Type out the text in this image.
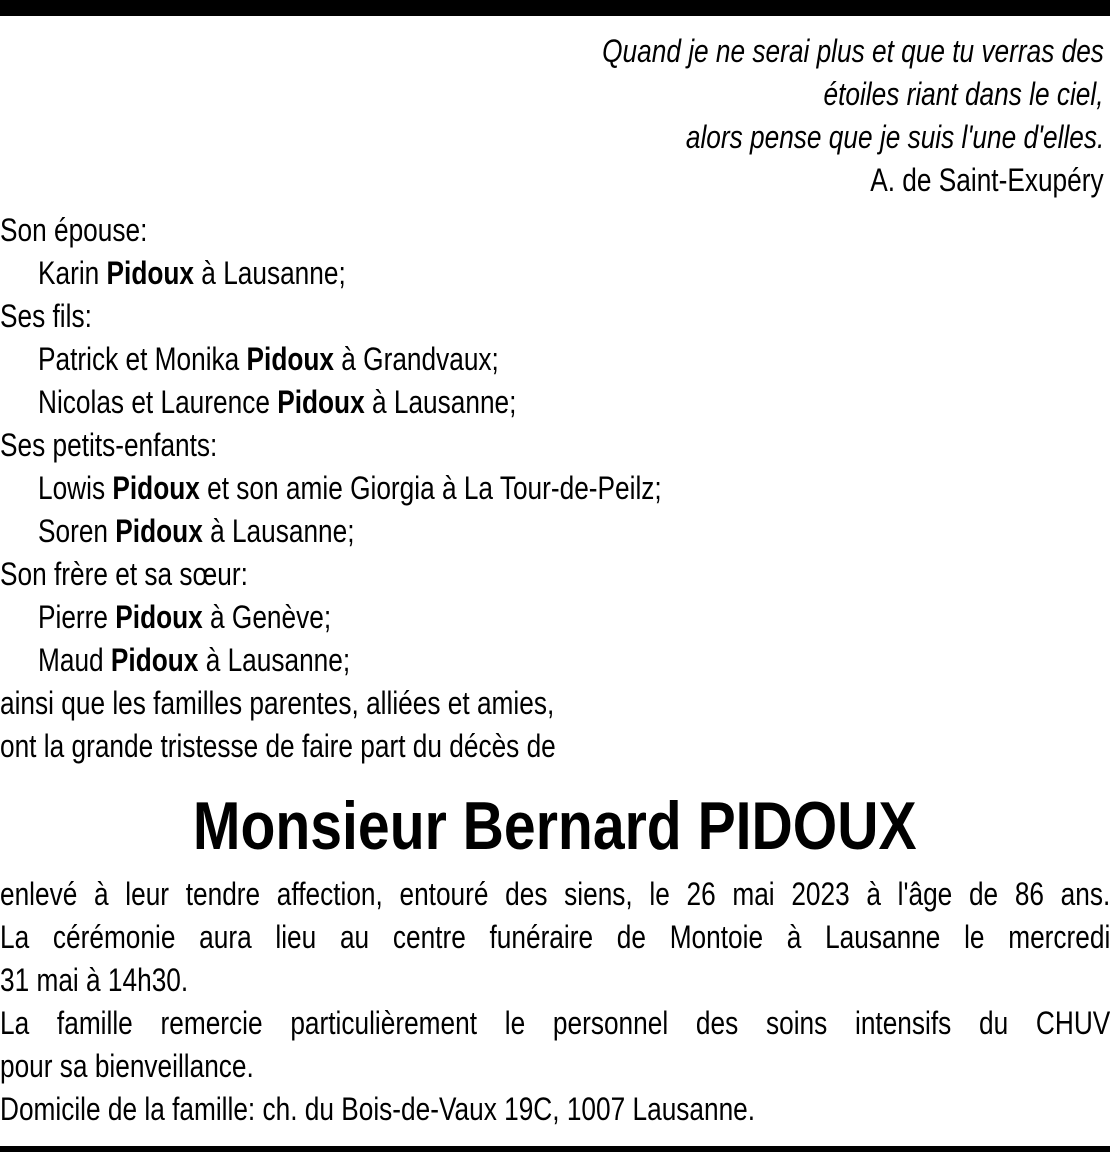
Quand je ne serai plus et que tu verras des
étoiles riant dans le ciel,
alors pense que je suis l'une d'elles.
A. de Saint-Exupéry
Son épouse:
Karin Pidoux à Lausanne;
Ses fils:
Patrick et Monika Pidoux à Grandvaux;
Nicolas et Laurence Pidoux à Lausanne;
Ses petits-enfants:
Lowis Pidoux et son amie Giorgia à La Tour-de-Peilz;
Soren Pidoux à Lausanne;
Son frère et sa sœur:
Pierre Pidoux à Genève;
Maud Pidoux à Lausanne;
ainsi que les familles parentes, alliées et amies,
ont la grande tristesse de faire part du décès de
Monsieur Bernard PIDOUX
enlevé à leur tendre affection, entouré des siens, le 26 mai 2023 à l'âge de 86 ans.
La cérémonie aura lieu au centre funéraire de Montoie à Lausanne le mercredi
31 mai à 14h30.
La famille remercie particulièrement le personnel des soins intensifs du CHUV
pour sa bienveillance.
Domicile de la famille: ch. du Bois-de-Vaux 19C, 1007 Lausanne.
